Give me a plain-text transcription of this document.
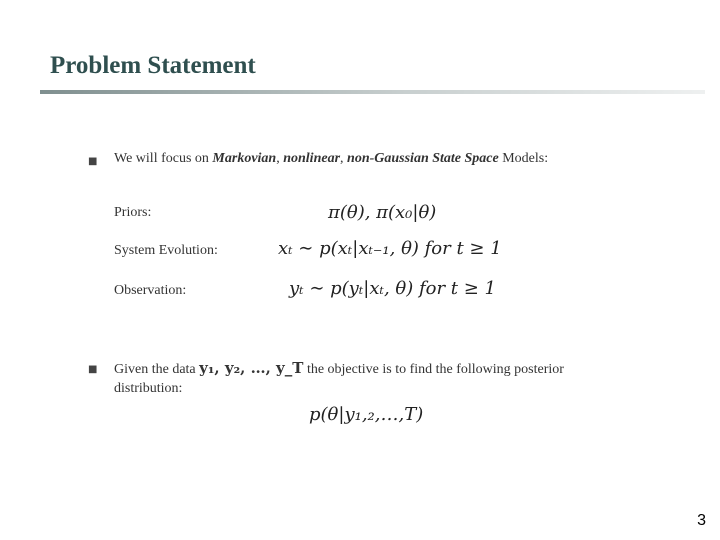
Problem Statement
■ We will focus on Markovian, nonlinear, non-Gaussian State Space Models:
Priors:	π(θ), π(x₀|θ)
System Evolution:	xₜ ∼ p(xₜ|xₜ₋₁, θ) for t ≥ 1
Observation:	yₜ ∼ p(yₜ|xₜ, θ) for t ≥ 1
■ Given the data y₁, y₂, …, y_T the objective is to find the following posterior
distribution:
p(θ|y₁,₂,…,T)
3
